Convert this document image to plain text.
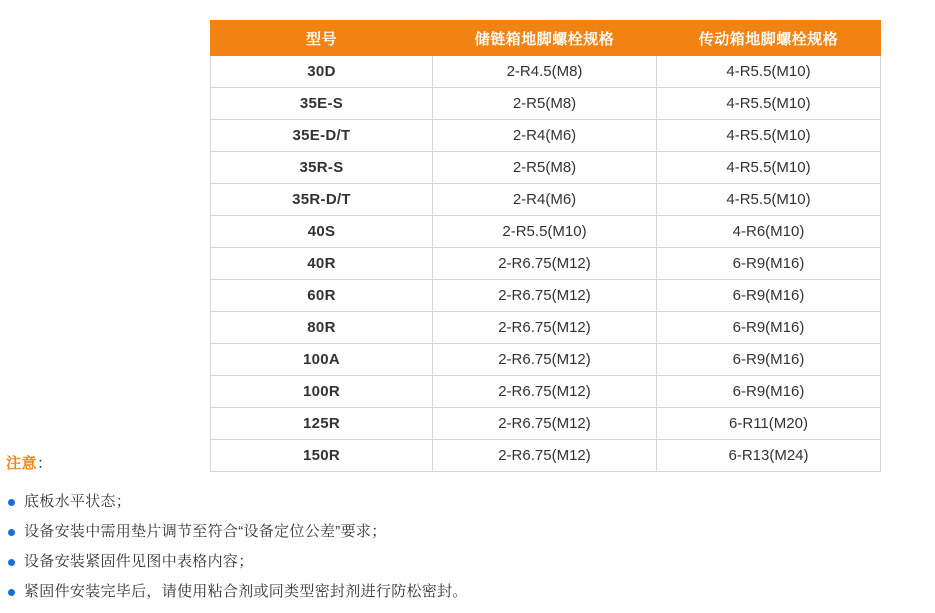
型号	储链箱地脚螺栓规格	传动箱地脚螺栓规格
30D	2-R4.5(M8)	4-R5.5(M10)
35E-S	2-R5(M8)	4-R5.5(M10)
35E-D/T	2-R4(M6)	4-R5.5(M10)
35R-S	2-R5(M8)	4-R5.5(M10)
35R-D/T	2-R4(M6)	4-R5.5(M10)
40S	2-R5.5(M10)	4-R6(M10)
40R	2-R6.75(M12)	6-R9(M16)
60R	2-R6.75(M12)	6-R9(M16)
80R	2-R6.75(M12)	6-R9(M16)
100A	2-R6.75(M12)	6-R9(M16)
100R	2-R6.75(M12)	6-R9(M16)
125R	2-R6.75(M12)	6-R11(M20)
150R	2-R6.75(M12)	6-R13(M24)
注意：
底板水平状态；
设备安装中需用垫片调节至符合“设备定位公差”要求；
设备安装紧固件见图中表格内容；
紧固件安装完毕后，请使用粘合剂或同类型密封剂进行防松密封。
